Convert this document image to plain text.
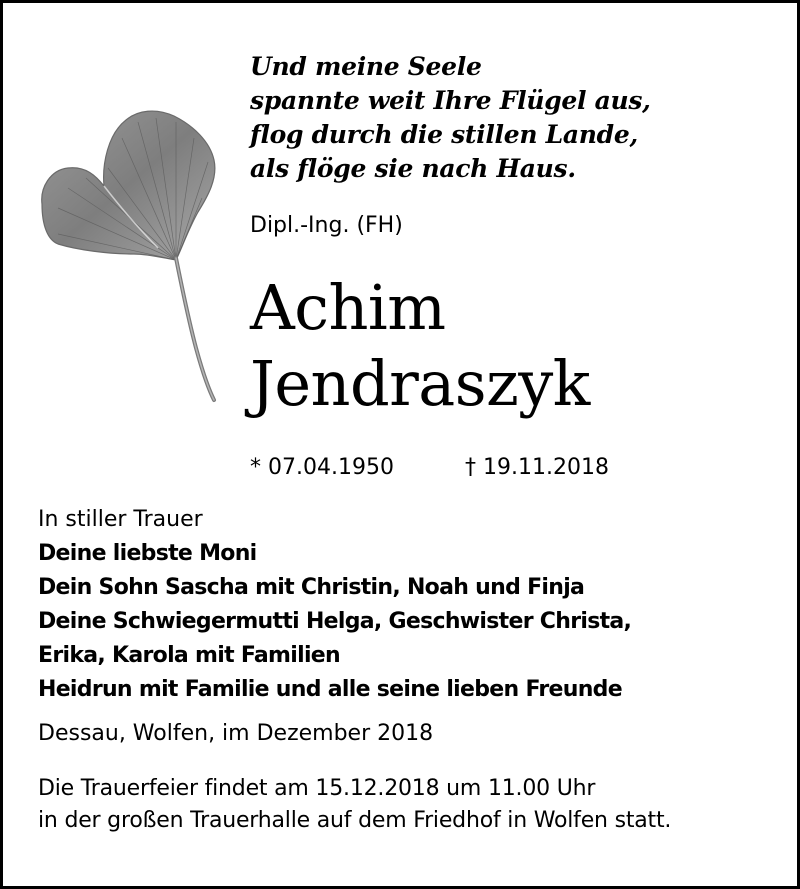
Und meine Seele
spannte weit Ihre Flügel aus,
flog durch die stillen Lande,
als flöge sie nach Haus.
Dipl.-Ing. (FH)
Achim
Jendraszyk
* 07.04.1950	† 19.11.2018
In stiller Trauer
Deine liebste Moni
Dein Sohn Sascha mit Christin, Noah und Finja
Deine Schwiegermutti Helga, Geschwister Christa,
Erika, Karola mit Familien
Heidrun mit Familie und alle seine lieben Freunde
Dessau, Wolfen, im Dezember 2018
Die Trauerfeier findet am 15.12.2018 um 11.00 Uhr
in der großen Trauerhalle auf dem Friedhof in Wolfen statt.
